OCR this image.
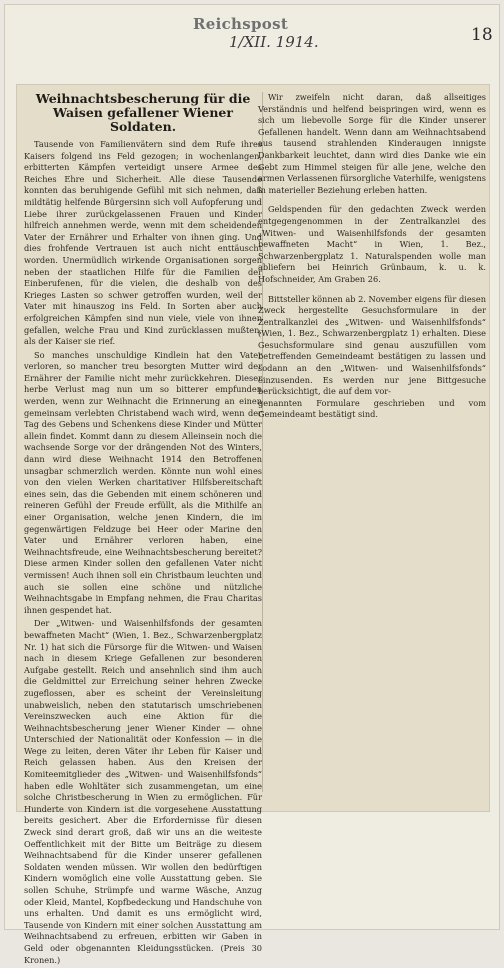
Reichspost
1/XII. 1914.	18
Weihnachtsbescherung für die Waisen gefallener Wiener Soldaten.

Tausende von Familienvätern sind dem Rufe ihres Kaisers folgend ins Feld gezogen; in wochenlangen, erbitterten Kämpfen verteidigt unsere Armee des Reiches Ehre und Sicherheit. Alle diese Tausende konnten das beruhigende Gefühl mit sich nehmen, daß mildtätig helfende Bürgersinn sich voll Aufopferung und Liebe ihrer zurückgelassenen Frauen und Kinder hilfreich annehmen werde, wenn mit dem scheidenden Vater der Ernährer und Erhalter von ihnen ging. Und dies frohfende Vertrauen ist auch nicht enttäuscht worden. Unermüdlich wirkende Organisationen sorgen neben der staatlichen Hilfe für die Familien der Einberufenen, für die vielen, die deshalb von des Krieges Lasten so schwer getroffen wurden, weil der Vater mit hinauszog ins Feld. In Sorten aber auch erfolgreichen Kämpfen sind nun viele, viele von ihnen gefallen, welche Frau und Kind zurücklassen mußten, als der Kaiser sie rief.

So manches unschuldige Kindlein hat den Vater verloren, so mancher treu besorgten Mutter wird der Ernährer der Familie nicht mehr zurückkehren. Dieser herbe Verlust mag nun um so bitterer empfunden werden, wenn zur Weihnacht die Erinnerung an einen gemeinsam verlebten Christabend wach wird, wenn der Tag des Gebens und Schenkens diese Kinder und Mütter allein findet. Kommt dann zu diesem Alleinsein noch die wachsende Sorge vor der drängenden Not des Winters, dann wird diese Weihnacht 1914 den Betroffenen unsagbar schmerzlich werden. Könnte nun wohl eines von den vielen Werken charitativer Hilfsbereitschaft eines sein, das die Gebenden mit einem schöneren und reineren Gefühl der Freude erfüllt, als die Mithilfe an einer Organisation, welche jenen Kindern, die im gegenwärtigen Feldzuge bei Heer oder Marine den Vater und Ernährer verloren haben, eine Weihnachtsfreude, eine Weihnachtsbescherung bereitet? Diese armen Kinder sollen den gefallenen Vater nicht vermissen! Auch ihnen soll ein Christbaum leuchten und auch sie sollen eine schöne und nützliche Weihnachtsgabe in Empfang nehmen, die Frau Charitas ihnen gespendet hat.

Der „Witwen- und Waisenhilfsfonds der gesamten bewaffneten Macht“ (Wien, 1. Bez., Schwarzenbergplatz Nr. 1) hat sich die Fürsorge für die Witwen- und Waisen nach in diesem Kriege Gefallenen zur besonderen Aufgabe gestellt. Reich und ansehnlich sind ihm auch die Geldmittel zur Erreichung seiner hehren Zwecke zugeflossen, aber es scheint der Vereinsleitung unabweislich, neben den statutarisch umschriebenen Vereinszwecken auch eine Aktion für die Weihnachtsbescherung jener Wiener Kinder — ohne Unterschied der Nationalität oder Konfession — in die Wege zu leiten, deren Väter ihr Leben für Kaiser und Reich gelassen haben. Aus den Kreisen der Komiteemitglieder des „Witwen- und Waisenhilfsfonds“ haben edle Wohltäter sich zusammengetan, um eine solche Christbescherung in Wien zu ermöglichen. Für Hunderte von Kindern ist die vorgesehene Ausstattung bereits gesichert. Aber die Erfordernisse für diesen Zweck sind derart groß, daß wir uns an die weiteste Oeffentlichkeit mit der Bitte um Beiträge zu diesem Weihnachtsabend für die Kinder unserer gefallenen Soldaten wenden müssen. Wir wollen den bedürftigen Kindern womöglich eine volle Ausstattung geben. Sie sollen Schuhe, Strümpfe und warme Wäsche, Anzug oder Kleid, Mantel, Kopfbedeckung und Handschuhe von uns erhalten. Und damit es uns ermöglicht wird, Tausende von Kindern mit einer solchen Ausstattung am Weihnachtsabend zu erfreuen, erbitten wir Gaben in Geld oder obgenannten Kleidungsstücken. (Preis 30 Kronen.)

Wir zweifeln nicht daran, daß allseitiges Verständnis und helfend beispringen wird, wenn es sich um liebevolle Sorge für die Kinder unserer Gefallenen handelt. Wenn dann am Weihnachtsabend aus tausend strahlenden Kinderaugen innigste Dankbarkeit leuchtet, dann wird dies Danke wie ein Gebt zum Himmel steigen für alle jene, welche den armen Verlassenen fürsorgliche Vaterhilfe, wenigstens in materieller Beziehung erleben hatten.

Geldspenden für den gedachten Zweck werden entgegengenommen in der Zentralkanzlei des „Witwen- und Waisenhilfsfonds der gesamten bewaffneten Macht“ in Wien, 1. Bez., Schwarzenbergplatz 1. Naturalspenden wolle man abliefern bei Heinrich Grünbaum, k. u. k. Hofschneider, Am Graben 26.

Bittsteller können ab 2. November eigens für diesen Zweck hergestellte Gesuchsformulare in der Zentralkanzlei des „Witwen- und Waisenhilfsfonds“ (Wien, 1. Bez., Schwarzenbergplatz 1) erhalten. Diese Gesuchsformulare sind genau auszufüllen vom betreffenden Gemeindeamt bestätigen zu lassen und sodann an den „Witwen- und Waisenhilfsfonds“ einzusenden. Es werden nur jene Bittgesuche berücksichtigt, die auf dem vor-

genannten Formulare geschrieben und vom Gemeindeamt bestätigt sind.
